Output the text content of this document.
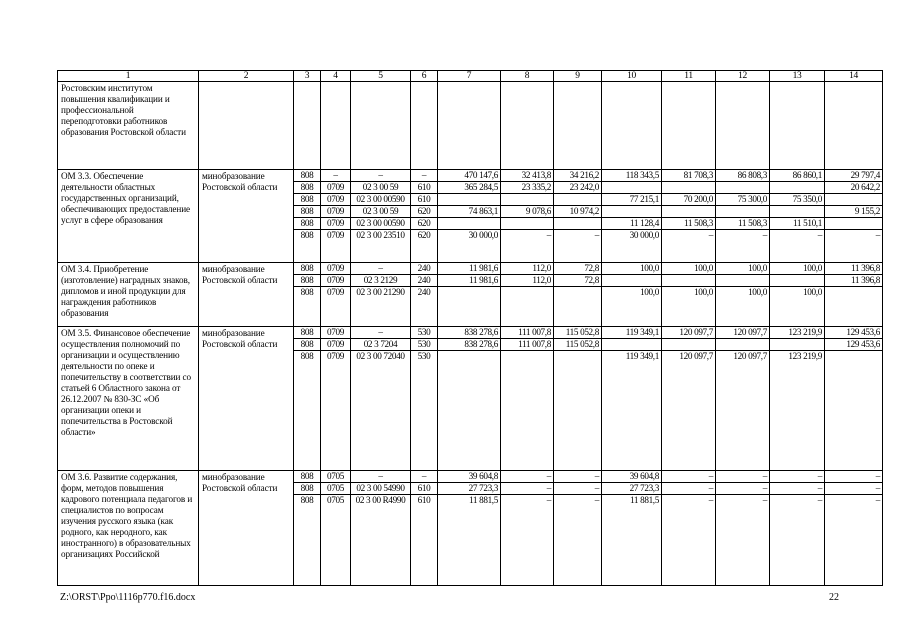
1	2	3	4	5	6	7	8	9	10	11	12	13	14
Ростовским институтом повышения квалификации и профессиональной переподготовки работников образования Ростовской области													
ОМ 3.3. Обеспечение деятельности областных государственных организаций, обеспечивающих предоставление услуг в сфере образования	минобразование Ростовской области	808	–	–	–	470 147,6	32 413,8	34 216,2	118 343,5	81 708,3	86 808,3	86 860,1	29 797,4
		808	0709	02 3 00 59	610	365 284,5	23 335,2	23 242,0					20 642,2
		808	0709	02 3 00 00590	610				77 215,1	70 200,0	75 300,0	75 350,0	
		808	0709	02 3 00 59	620	74 863,1	9 078,6	10 974,2					9 155,2
		808	0709	02 3 00 00590	620				11 128,4	11 508,3	11 508,3	11 510,1	
		808	0709	02 3 00 23510	620	30 000,0	–	–	30 000,0	–	–	–	–
ОМ 3.4. Приобретение (изготовление) наградных знаков, дипломов и иной продукции для награждения работников образования	минобразование Ростовской области	808	0709	–	240	11 981,6	112,0	72,8	100,0	100,0	100,0	100,0	11 396,8
		808	0709	02 3 2129	240	11 981,6	112,0	72,8					11 396,8
		808	0709	02 3 00 21290	240				100,0	100,0	100,0	100,0	
ОМ 3.5. Финансовое обеспечение осуществления полномочий по организации и осуществлению деятельности по опеке и попечительству в соответствии со статьей 6 Областного закона от 26.12.2007 № 830-ЗС «Об организации опеки и попечительства в Ростовской области»	минобразование Ростовской области	808	0709	–	530	838 278,6	111 007,8	115 052,8	119 349,1	120 097,7	120 097,7	123 219,9	129 453,6
		808	0709	02 3 7204	530	838 278,6	111 007,8	115 052,8					129 453,6
		808	0709	02 3 00 72040	530				119 349,1	120 097,7	120 097,7	123 219,9	
ОМ 3.6. Развитие содержания, форм, методов повышения кадрового потенциала педагогов и специалистов по вопросам изучения русского языка (как родного, как неродного, как иностранного) в образовательных организациях Российской	минобразование Ростовской области	808	0705	–	–	39 604,8	–	–	39 604,8	–	–	–	–
		808	0705	02 3 00 54990	610	27 723,3	–	–	27 723,3	–	–	–	–
		808	0705	02 3 00 R4990	610	11 881,5	–	–	11 881,5	–	–	–	–
Z:\ORST\Ppo\1116p770.f16.docx	22
